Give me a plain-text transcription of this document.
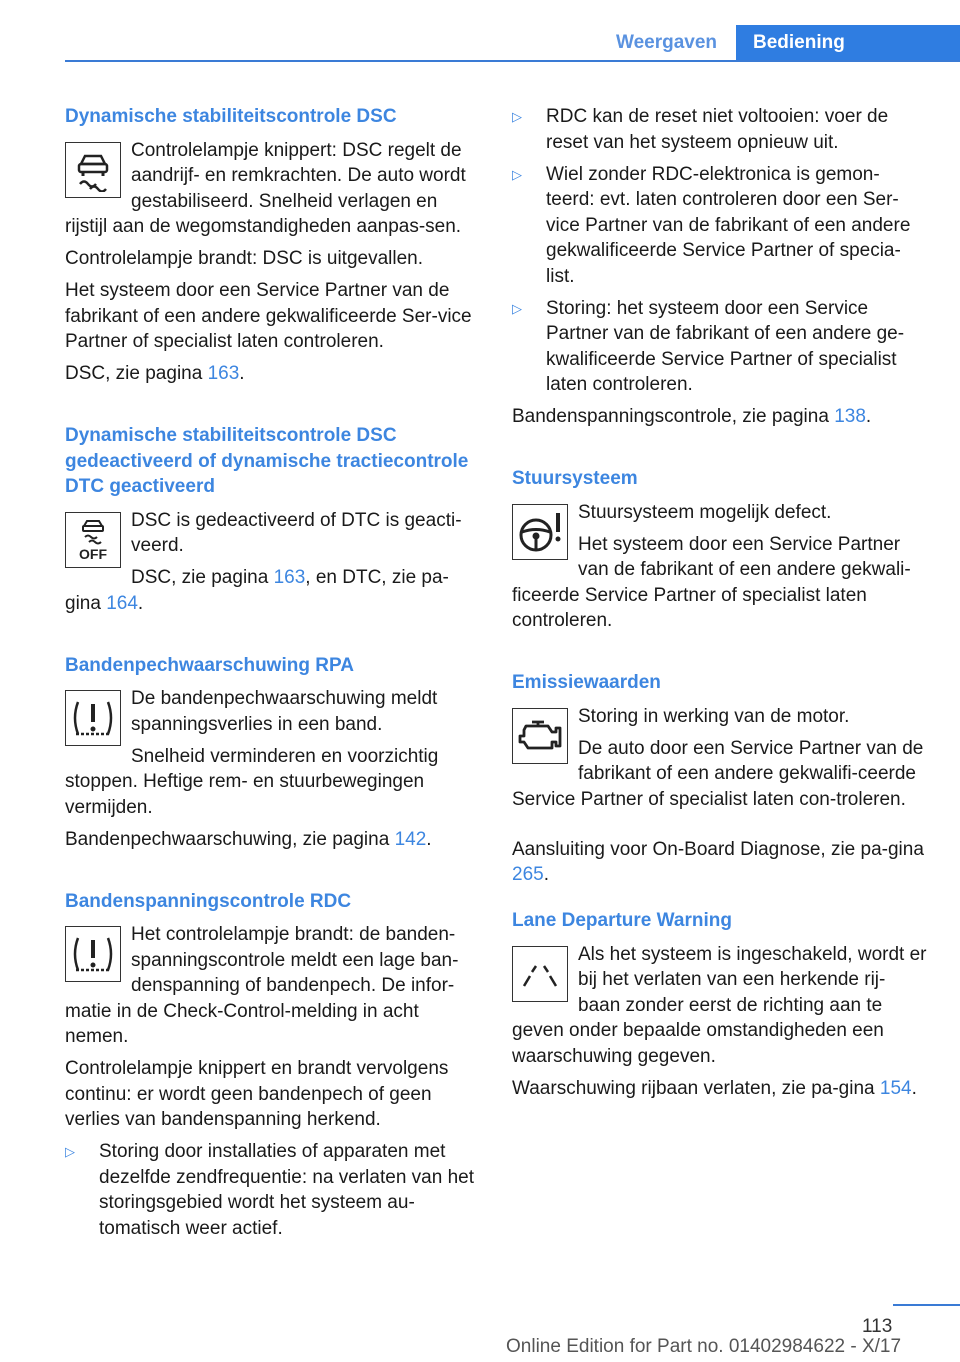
Weergaven	Bediening
Dynamische stabiliteitscontrole DSC

Controlelampje knippert: DSC regelt de aandrijf- en remkrachten. De auto wordt gestabiliseerd. Snelheid verlagen en rijstijl aan de wegomstandigheden aanpas-sen.

Controlelampje brandt: DSC is uitgevallen.

Het systeem door een Service Partner van de fabrikant of een andere gekwalificeerde Ser-vice Partner of specialist laten controleren.

DSC, zie pagina 163.

Dynamische stabiliteitscontrole DSC gedeactiveerd of dynamische tractiecontrole DTC geactiveerd
OFF

DSC is gedeactiveerd of DTC is geacti-veerd.

DSC, zie pagina 163, en DTC, zie pa-gina 164.

Bandenpechwaarschuwing RPA

De bandenpechwaarschuwing meldt spanningsverlies in een band.

Snelheid verminderen en voorzichtig stoppen. Heftige rem- en stuurbewegingen vermijden.

Bandenpechwaarschuwing, zie pagina 142.

Bandenspanningscontrole RDC

Het controlelampje brandt: de banden-spanningscontrole meldt een lage ban-denspanning of bandenpech. De infor-matie in de Check-Control-melding in acht nemen.

Controlelampje knippert en brandt vervolgens continu: er wordt geen bandenpech of geen verlies van bandenspanning herkend.

▷ Storing door installaties of apparaten met dezelfde zendfrequentie: na verlaten van het storingsgebied wordt het systeem au-tomatisch weer actief.
▷ RDC kan de reset niet voltooien: voer de reset van het systeem opnieuw uit.
▷ Wiel zonder RDC-elektronica is gemon-teerd: evt. laten controleren door een Ser-vice Partner van de fabrikant of een andere gekwalificeerde Service Partner of specia-list.
▷ Storing: het systeem door een Service Partner van de fabrikant of een andere ge-kwalificeerde Service Partner of specialist laten controleren.

Bandenspanningscontrole, zie pagina 138.

Stuursysteem

Stuursysteem mogelijk defect.

Het systeem door een Service Partner van de fabrikant of een andere gekwali-ficeerde Service Partner of specialist laten controleren.

Emissiewaarden

Storing in werking van de motor.

De auto door een Service Partner van de fabrikant of een andere gekwalifi-ceerde Service Partner of specialist laten con-troleren.

Aansluiting voor On-Board Diagnose, zie pa-gina 265.

Lane Departure Warning

Als het systeem is ingeschakeld, wordt er bij het verlaten van een herkende rij-baan zonder eerst de richting aan te geven onder bepaalde omstandigheden een waarschuwing gegeven.

Waarschuwing rijbaan verlaten, zie pa-gina 154.

113
Online Edition for Part no. 01402984622 - X/17
